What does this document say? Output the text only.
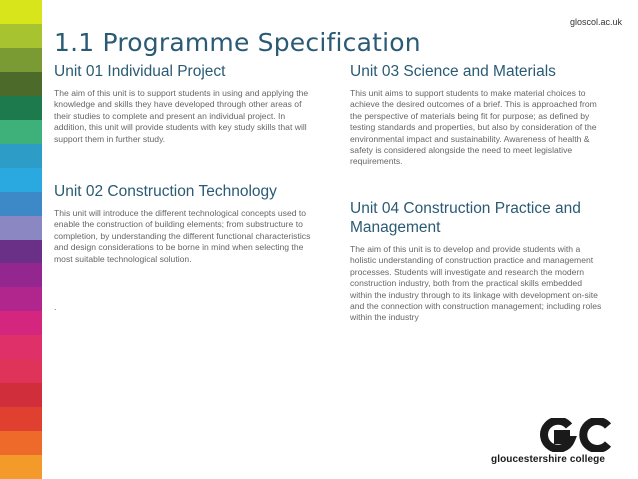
gloscol.ac.uk
1.1 Programme Specification
Unit 01 Individual Project

The aim of this unit is to support students in using and applying the knowledge and skills they have developed through other areas of their studies to complete and present an individual project. In addition, this unit will provide students with key study skills that will support them in further study.

Unit 02 Construction Technology

This unit will introduce the different technological concepts used to enable the construction of building elements; from substructure to completion, by understanding the different functional characteristics and design considerations to be borne in mind when selecting the most suitable technological solution.

.
Unit 03 Science and Materials

This unit aims to support students to make material choices to achieve the desired outcomes of a brief. This is approached from the perspective of materials being fit for purpose; as defined by testing standards and properties, but also by consideration of the environmental impact and sustainability. Awareness of health & safety is considered alongside the need to meet legislative requirements.

Unit 04 Construction Practice and Management

The aim of this unit is to develop and provide students with a holistic understanding of construction practice and management processes. Students will investigate and research the modern construction industry, both from the practical skills embedded within the industry through to its linkage with development on-site and the connection with construction management; including roles within the industry

gloucestershire college
